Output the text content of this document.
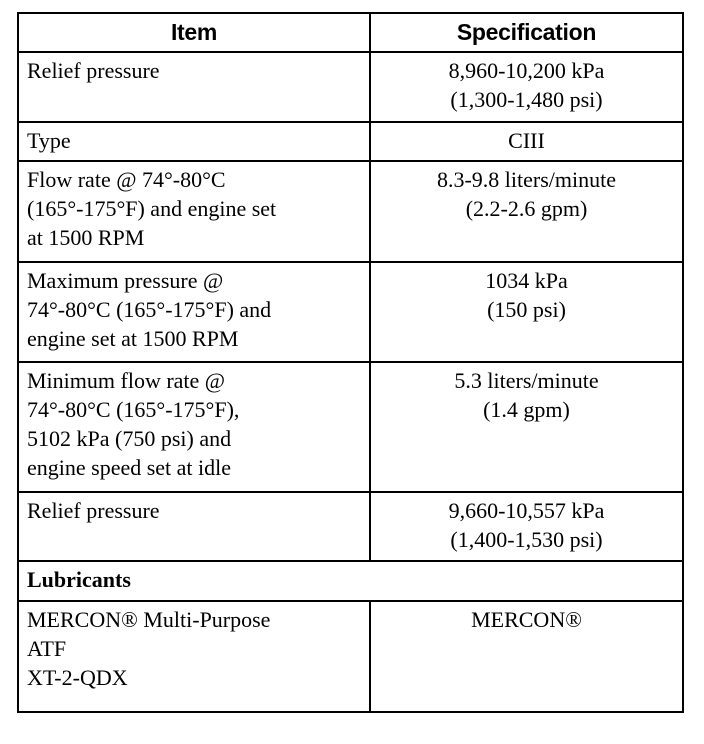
Item	Specification

Relief pressure	8,960-10,200 kPa
(1,300-1,480 psi)

Type	CIII

Flow rate @ 74°-80°C
(165°-175°F) and engine set
at 1500 RPM	8.3-9.8 liters/minute
(2.2-2.6 gpm)

Maximum pressure @
74°-80°C (165°-175°F) and
engine set at 1500 RPM	1034 kPa
(150 psi)

Minimum flow rate @
74°-80°C (165°-175°F),
5102 kPa (750 psi) and
engine speed set at idle	5.3 liters/minute
(1.4 gpm)

Relief pressure	9,660-10,557 kPa
(1,400-1,530 psi)

Lubricants	

MERCON® Multi-Purpose
ATF
XT-2-QDX	MERCON®
